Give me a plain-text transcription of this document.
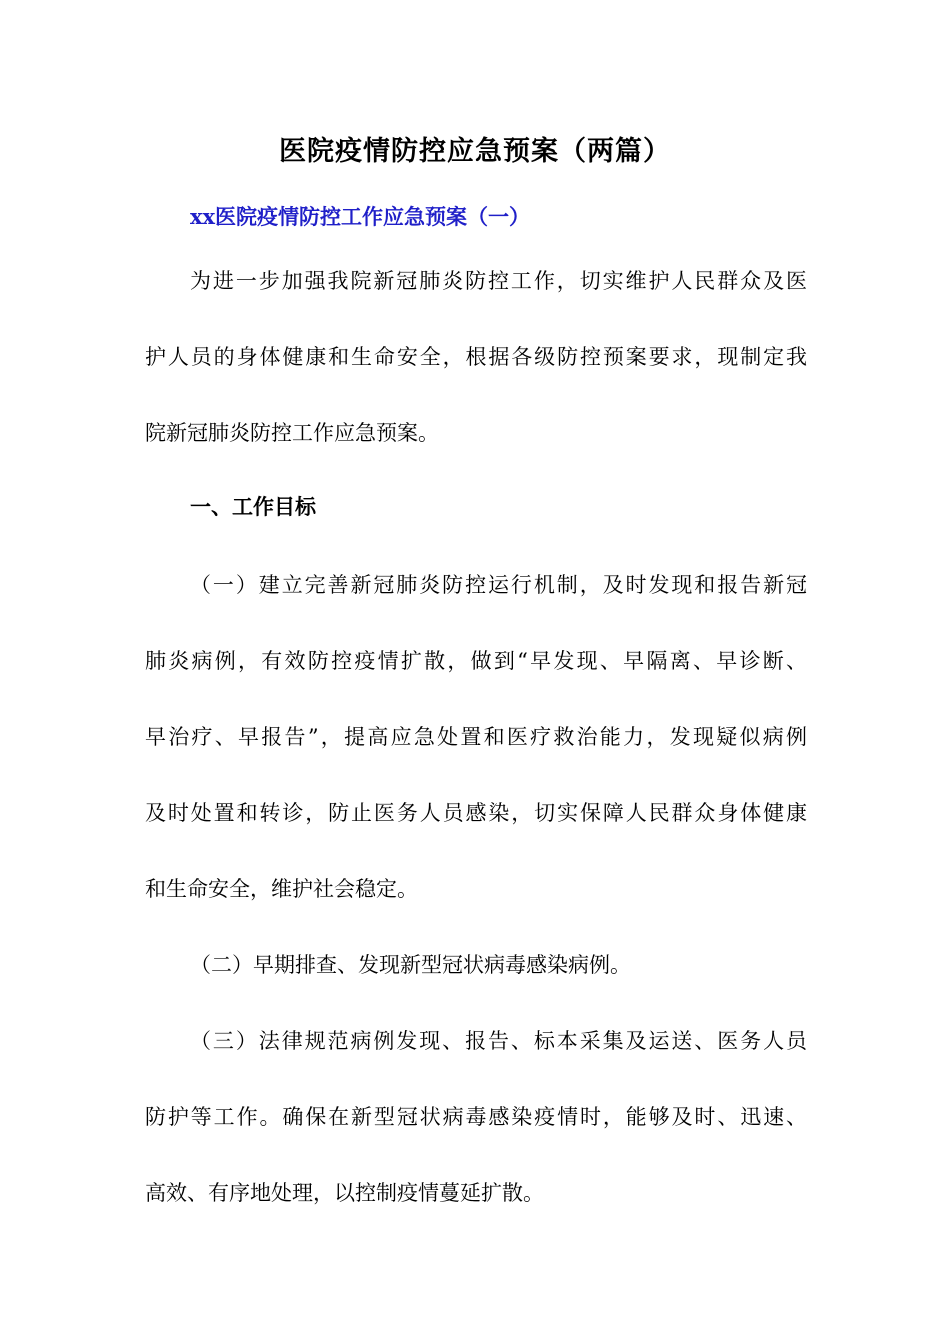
医院疫情防控应急预案（两篇）
xx医院疫情防控工作应急预案（一）
为进一步加强我院新冠肺炎防控工作，切实维护人民群众及医
护人员的身体健康和生命安全，根据各级防控预案要求，现制定我
院新冠肺炎防控工作应急预案。
一、工作目标
（一）建立完善新冠肺炎防控运行机制，及时发现和报告新冠
肺炎病例，有效防控疫情扩散，做到“早发现、早隔离、早诊断、
早治疗、早报告”，提高应急处置和医疗救治能力，发现疑似病例
及时处置和转诊，防止医务人员感染，切实保障人民群众身体健康
和生命安全，维护社会稳定。
（二）早期排查、发现新型冠状病毒感染病例。
（三）法律规范病例发现、报告、标本采集及运送、医务人员
防护等工作。确保在新型冠状病毒感染疫情时，能够及时、迅速、
高效、有序地处理，以控制疫情蔓延扩散。
